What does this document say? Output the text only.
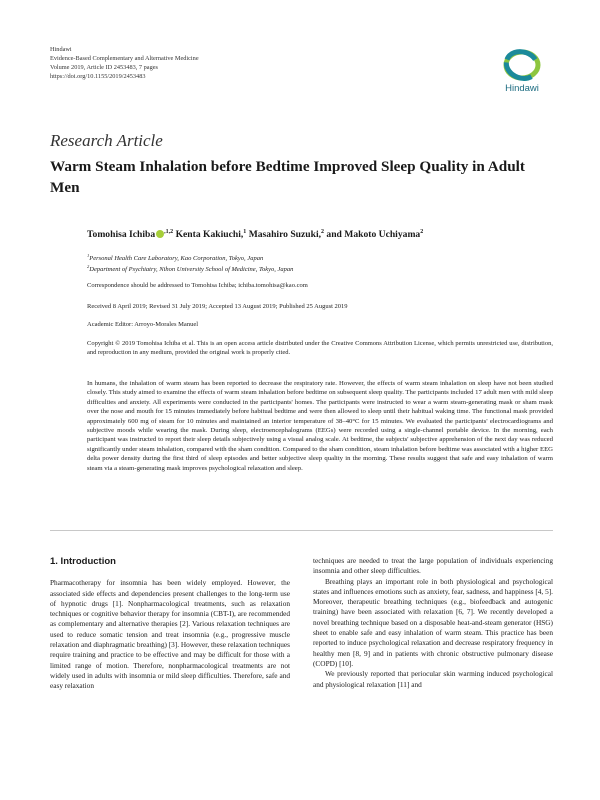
Hindawi
Evidence-Based Complementary and Alternative Medicine
Volume 2019, Article ID 2453483, 7 pages
https://doi.org/10.1155/2019/2453483
Hindawi
Research Article
Warm Steam Inhalation before Bedtime Improved Sleep Quality in Adult Men
Tomohisa Ichiba $^{,1,2}$ Kenta Kakiuchi,$^1$ Masahiro Suzuki,$^2$ and Makoto Uchiyama$^2$
$^1$Personal Health Care Laboratory, Kao Corporation, Tokyo, Japan
$^2$Department of Psychiatry, Nihon University School of Medicine, Tokyo, Japan
Correspondence should be addressed to Tomohisa Ichiba; ichiba.tomohisa@kao.com
Received 8 April 2019; Revised 31 July 2019; Accepted 13 August 2019; Published 25 August 2019
Academic Editor: Arroyo-Morales Manuel
Copyright © 2019 Tomohisa Ichiba et al. This is an open access article distributed under the Creative Commons Attribution License, which permits unrestricted use, distribution, and reproduction in any medium, provided the original work is properly cited.
In humans, the inhalation of warm steam has been reported to decrease the respiratory rate. However, the effects of warm steam inhalation on sleep have not been studied closely. This study aimed to examine the effects of warm steam inhalation before bedtime on subsequent sleep quality. The participants included 17 adult men with mild sleep difficulties and anxiety. All experiments were conducted in the participants' homes. The participants were instructed to wear a warm steam-generating mask or sham mask over the nose and mouth for 15 minutes immediately before habitual bedtime and were then allowed to sleep until their habitual waking time. The functional mask provided approximately 600 mg of steam for 10 minutes and maintained an interior temperature of 38–40°C for 15 minutes. We evaluated the participants' electrocardiograms and subjective moods while wearing the mask. During sleep, electroencephalograms (EEGs) were recorded using a single-channel portable device. In the morning, each participant was instructed to report their sleep details subjectively using a visual analog scale. At bedtime, the subjects' subjective apprehension of the next day was reduced significantly under steam inhalation, compared with the sham condition. Compared to the sham condition, steam inhalation before bedtime was associated with a higher EEG delta power density during the first third of sleep episodes and better subjective sleep quality in the morning. These results suggest that safe and easy inhalation of warm steam via a steam-generating mask improves psychological relaxation and sleep.
1. Introduction

Pharmacotherapy for insomnia has been widely employed. However, the associated side effects and dependencies present challenges to the long-term use of hypnotic drugs [1]. Nonpharmacological treatments, such as relaxation techniques or cognitive behavior therapy for insomnia (CBT-I), are recommended as complementary and alternative therapies [2]. Various relaxation techniques are used to reduce somatic tension and treat insomnia (e.g., progressive muscle relaxation and diaphragmatic breathing) [3]. However, these relaxation techniques require training and practice to be effective and may be difficult for those with a limited range of motion. Therefore, nonpharmacological treatments are not widely used in adults with insomnia or mild sleep difficulties. Therefore, safe and easy relaxation

techniques are needed to treat the large population of individuals experiencing insomnia and other sleep difficulties.

Breathing plays an important role in both physiological and psychological states and influences emotions such as anxiety, fear, sadness, and happiness [4, 5]. Moreover, therapeutic breathing techniques (e.g., biofeedback and autogenic training) have been associated with relaxation [6, 7]. We recently developed a novel breathing technique based on a disposable heat-and-steam generator (HSG) sheet to enable safe and easy inhalation of warm steam. This practice has been reported to induce psychological relaxation and decrease respiratory frequency in healthy men [8, 9] and in patients with chronic obstructive pulmonary disease (COPD) [10].

We previously reported that periocular skin warming induced psychological and physiological relaxation [11] and
